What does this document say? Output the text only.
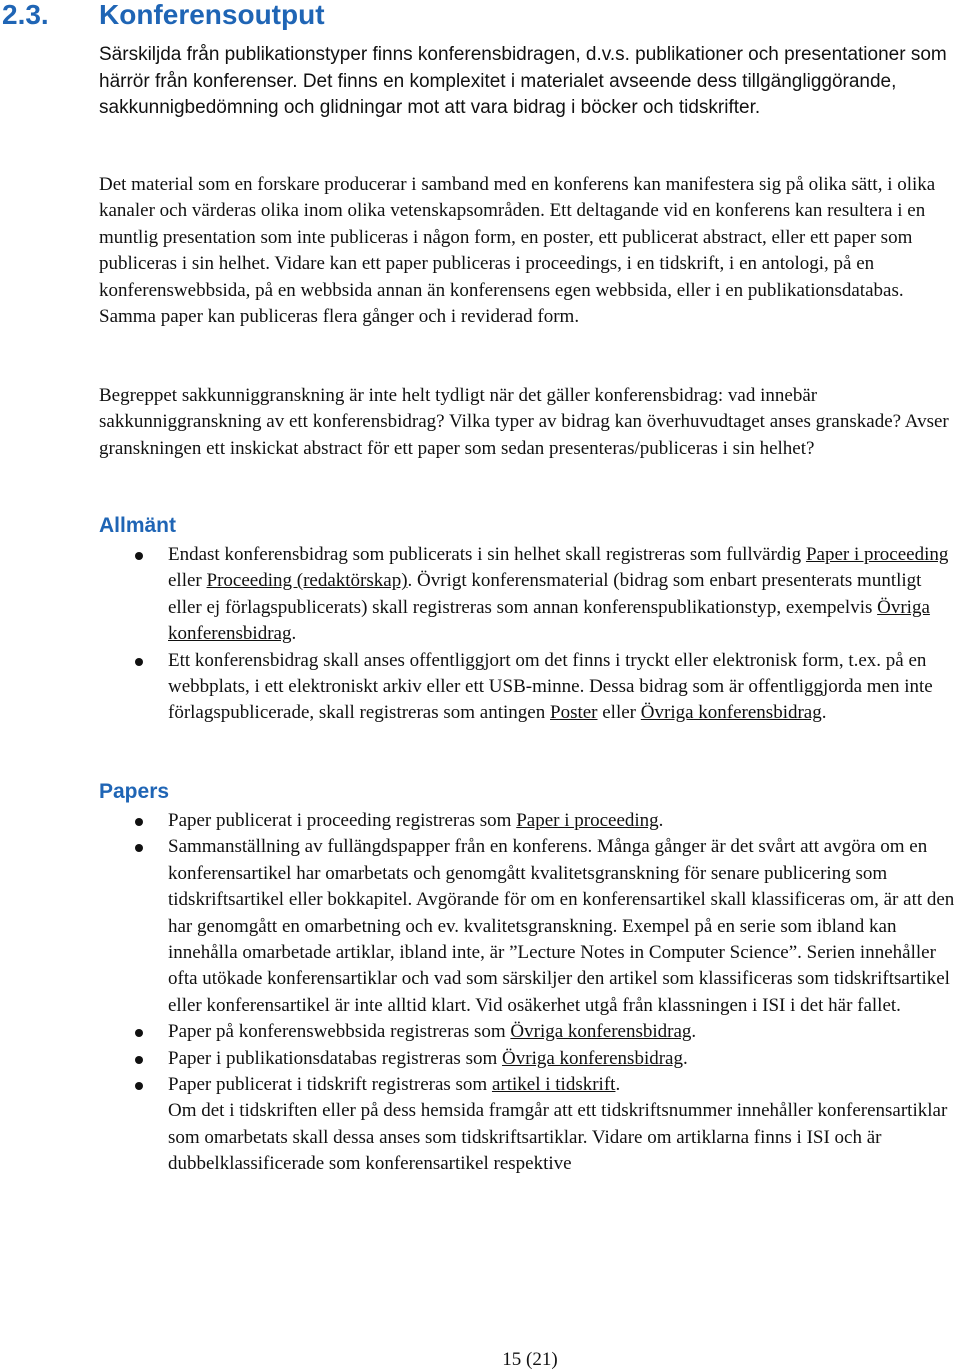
2.3. Konferensoutput

Särskiljda från publikationstyper finns konferensbidragen, d.v.s. publikationer och presentationer som härrör från konferenser. Det finns en komplexitet i materialet avseende dess tillgängliggörande, sakkunnigbedömning och glidningar mot att vara bidrag i böcker och tidskrifter.

Det material som en forskare producerar i samband med en konferens kan manifestera sig på olika sätt, i olika kanaler och värderas olika inom olika vetenskapsområden. Ett deltagande vid en konferens kan resultera i en muntlig presentation som inte publiceras i någon form, en poster, ett publicerat abstract, eller ett paper som publiceras i sin helhet. Vidare kan ett paper publiceras i proceedings, i en tidskrift, i en antologi, på en konferenswebbsida, på en webbsida annan än konferensens egen webbsida, eller i en publikationsdatabas. Samma paper kan publiceras flera gånger och i reviderad form.

Begreppet sakkunniggranskning är inte helt tydligt när det gäller konferensbidrag: vad innebär sakkunniggranskning av ett konferensbidrag? Vilka typer av bidrag kan överhuvudtaget anses granskade? Avser granskningen ett inskickat abstract för ett paper som sedan presenteras/publiceras i sin helhet?

Allmänt
Endast konferensbidrag som publicerats i sin helhet skall registreras som fullvärdig Paper i proceeding eller Proceeding (redaktörskap). Övrigt konferensmaterial (bidrag som enbart presenterats muntligt eller ej förlagspublicerats) skall registreras som annan konferenspublikationstyp, exempelvis Övriga konferensbidrag.
Ett konferensbidrag skall anses offentliggjort om det finns i tryckt eller elektronisk form, t.ex. på en webbplats, i ett elektroniskt arkiv eller ett USB-minne. Dessa bidrag som är offentliggjorda men inte förlagspublicerade, skall registreras som antingen Poster eller Övriga konferensbidrag.
Papers
Paper publicerat i proceeding registreras som Paper i proceeding.
Sammanställning av fullängdspapper från en konferens. Många gånger är det svårt att avgöra om en konferensartikel har omarbetats och genomgått kvalitetsgranskning för senare publicering som tidskriftsartikel eller bokkapitel. Avgörande för om en konferensartikel skall klassificeras om, är att den har genomgått en omarbetning och ev. kvalitetsgranskning. Exempel på en serie som ibland kan innehålla omarbetade artiklar, ibland inte, är ”Lecture Notes in Computer Science”. Serien innehåller ofta utökade konferensartiklar och vad som särskiljer den artikel som klassificeras som tidskriftsartikel eller konferensartikel är inte alltid klart. Vid osäkerhet utgå från klassningen i ISI i det här fallet.
Paper på konferenswebbsida registreras som Övriga konferensbidrag.
Paper i publikationsdatabas registreras som Övriga konferensbidrag.
Paper publicerat i tidskrift registreras som artikel i tidskrift.
Om det i tidskriften eller på dess hemsida framgår att ett tidskriftsnummer innehåller konferensartiklar som omarbetats skall dessa anses som tidskriftsartiklar. Vidare om artiklarna finns i ISI och är dubbelklassificerade som konferensartikel respektive
15 (21)
